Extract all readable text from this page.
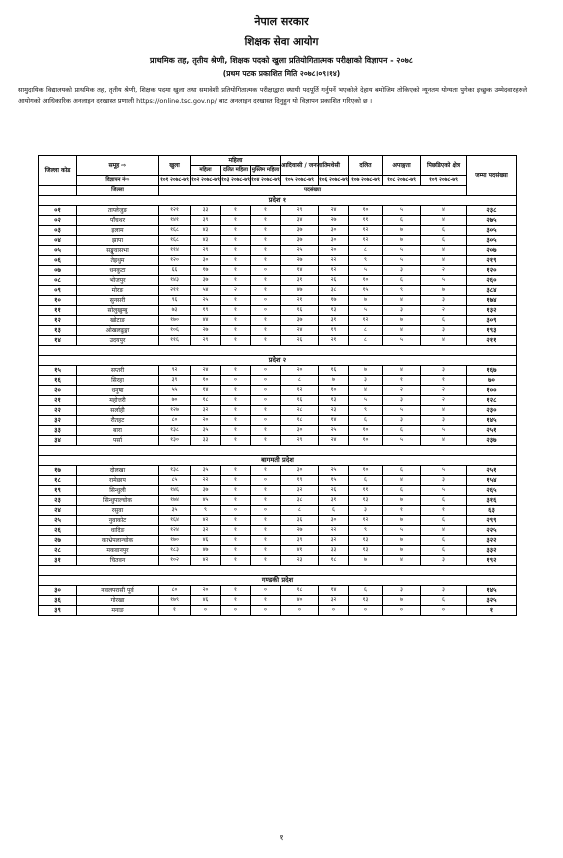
नेपाल सरकार
शिक्षक सेवा आयोग
प्राथमिक तह, तृतीय श्रेणी, शिक्षक पदको खुला प्रतियोगितात्मक परीक्षाको विज्ञापन - २०७८
(प्रथम पटक प्रकाशित मिति २०७८।०९।१४)
सामुदायिक विद्यालयको प्राथमिक तह, तृतीय श्रेणी, शिक्षक पदमा खुला तथा समावेशी प्रतियोगितात्मक परीक्षाद्वारा स्थायी पदपूर्ति गर्नुपर्ने भएकोले देहाय बमोजिम तोकिएको न्यूनतम योग्यता पुगेका इच्छुक उम्मेदवारहरुले आयोगको आधिकारिक अनलाइन दरखास्त प्रणाली https://online.tsc.gov.np/ बाट अनलाइन दरखास्त दिनुहुन यो विज्ञापन प्रकाशित गरिएको छ ।
जिल्ला कोड	समूह ⇨	खुला	महिला			आदिवासी / जनजाति	मधेसी	दलित	अपाङ्गता	पिछडिएको क्षेत्र	जम्मा पदसंख्या
			महिला	दलित महिला	मुस्लिम महिला						
	विज्ञापन नं⇨	१०१ २०७८-७९	१०२ २०७८-७९	१०३ २०७८-७९	१०४ २०७८-७९	१०५ २०७८-७९	१०६ २०७८-७९	१०७ २०७८-७९	१०८ २०७८-७९	१०९ २०७८-७९	
	जिल्ला	पदसंख्या									
प्रदेश १											
०१	ताप्लेजुङ	१२१	३३	१	१	२९	२४	१०	५	४	२३८
०२	पाँचथर	१४१	३९	१	१	३४	२७	११	६	४	२७५
०३	इलाम	१६८	४३	१	१	३७	३०	१२	७	६	३०५
०४	झापा	१६८	४३	१	१	३७	३०	१२	७	६	३०५
०५	सङ्खुवासभा	११४	२९	१	१	२५	२०	८	५	४	२०७
०६	तेह्रथुम	१२०	३०	१	१	२७	२२	९	५	४	२१९
०७	धनकुटा	६६	१७	१	०	१४	१२	५	३	२	१२०
०८	भोजपुर	१४३	३७	१	१	३१	२६	१०	६	५	२६०
०९	मोरङ	२११	५४	२	१	४७	३८	१५	९	७	३८४
१०	सुनसरी	९६	२५	१	०	२१	१७	७	४	३	१७४
११	सोलुखुम्बु	७३	१९	१	०	१६	१३	५	३	२	१३२
१२	खोटाङ	१७०	४४	१	१	३७	३१	१२	७	६	३०९
१३	ओखलढुङ्गा	१०६	२७	१	१	२४	१९	८	४	३	१९३
१४	उदयपुर	११६	२९	१	१	२६	२१	८	५	४	२११

प्रदेश २											
१५	सप्तरी	९२	२४	१	०	२०	१६	७	४	३	१६७
१६	सिरहा	३९	१०	०	०	८	७	३	१	१	७०
२०	धनुषा	५५	१४	१	०	१२	१०	४	२	२	१००
२१	महोत्तरी	७०	१८	१	०	१६	१३	५	३	२	१२८
२२	सर्लाही	१२७	३२	१	१	२८	२३	९	५	४	२३०
३२	रौतहट	८०	२०	१	०	१८	१४	६	३	३	१४५
३३	बारा	१३८	३५	१	१	३०	२५	१०	६	५	२५१
३४	पर्सा	१३०	३३	१	१	२९	२४	१०	५	४	२३७

बागमती प्रदेश											
१७	दोलखा	१३८	३५	१	१	३०	२५	१०	६	५	२५१
१८	रामेछाप	८५	२२	१	०	१९	१५	६	४	३	१५४
१९	सिन्धुली	१४६	३७	१	१	३२	२६	११	६	५	२६५
२३	सिन्धुपाल्चोक	१७४	४५	१	१	३८	३१	१३	७	६	३१६
२४	रसुवा	३५	९	०	०	८	६	३	१	१	६३
२५	नुवाकोट	१६४	४२	१	१	३६	३०	१२	७	६	२९९
२६	धादिङ	१२४	३२	१	१	२७	२२	९	५	४	२२५
२७	काभ्रेपलान्चोक	१७०	४६	१	१	३९	३२	१३	७	६	३२२
२८	मकवानपुर	१८३	४७	१	१	४१	३३	१३	७	६	३३२
३१	चितवन	१०२	४२	१	१	२३	१८	७	४	३	१९२

गण्डकी प्रदेश											
३०	नवलपरासी पूर्व	८०	२०	१	०	१८	१४	६	३	३	१४५
३६	गोरखा	१७९	४६	१	१	४०	३२	१३	७	६	३२५
३९	मनाङ	१	०	०	०	०	०	०	०	०	१
१
